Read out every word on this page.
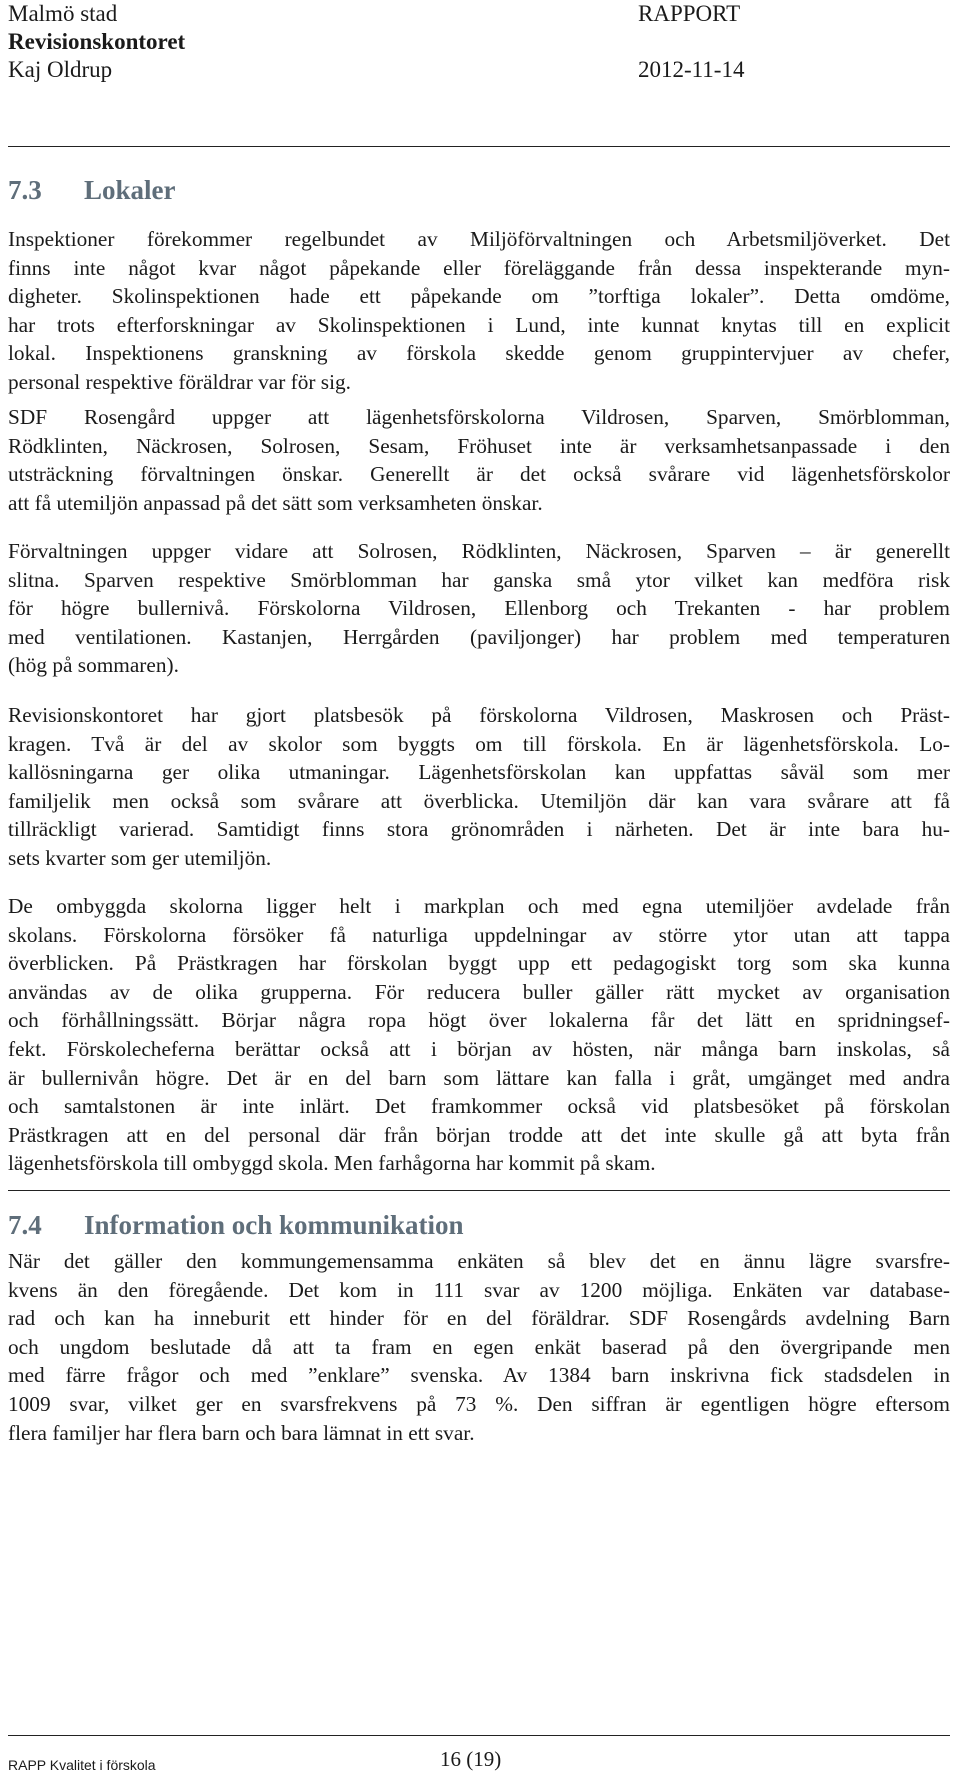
Malmö stad
Revisionskontoret
Kaj Oldrup
RAPPORT
2012-11-14
7.3 Lokaler
Inspektioner förekommer regelbundet av Miljöförvaltningen och Arbetsmiljöverket. Det
finns inte något kvar något påpekande eller föreläggande från dessa inspekterande myn-
digheter. Skolinspektionen hade ett påpekande om ”torftiga lokaler”. Detta omdöme,
har trots efterforskningar av Skolinspektionen i Lund, inte kunnat knytas till en explicit
lokal. Inspektionens granskning av förskola skedde genom gruppintervjuer av chefer,
personal respektive föräldrar var för sig.
SDF Rosengård uppger att lägenhetsförskolorna Vildrosen, Sparven, Smörblomman,
Rödklinten, Näckrosen, Solrosen, Sesam, Fröhuset inte är verksamhetsanpassade i den
utsträckning förvaltningen önskar. Generellt är det också svårare vid lägenhetsförskolor
att få utemiljön anpassad på det sätt som verksamheten önskar.
Förvaltningen uppger vidare att Solrosen, Rödklinten, Näckrosen, Sparven – är generellt
slitna. Sparven respektive Smörblomman har ganska små ytor vilket kan medföra risk
för högre bullernivå. Förskolorna Vildrosen, Ellenborg och Trekanten - har problem
med ventilationen. Kastanjen, Herrgården (paviljonger) har problem med temperaturen
(hög på sommaren).
Revisionskontoret har gjort platsbesök på förskolorna Vildrosen, Maskrosen och Präst-
kragen. Två är del av skolor som byggts om till förskola. En är lägenhetsförskola. Lo-
kallösningarna ger olika utmaningar. Lägenhetsförskolan kan uppfattas såväl som mer
familjelik men också som svårare att överblicka. Utemiljön där kan vara svårare att få
tillräckligt varierad. Samtidigt finns stora grönområden i närheten. Det är inte bara hu-
sets kvarter som ger utemiljön.
De ombyggda skolorna ligger helt i markplan och med egna utemiljöer avdelade från
skolans. Förskolorna försöker få naturliga uppdelningar av större ytor utan att tappa
överblicken. På Prästkragen har förskolan byggt upp ett pedagogiskt torg som ska kunna
användas av de olika grupperna. För reducera buller gäller rätt mycket av organisation
och förhållningssätt. Börjar några ropa högt över lokalerna får det lätt en spridningsef-
fekt. Förskolecheferna berättar också att i början av hösten, när många barn inskolas, så
är bullernivån högre. Det är en del barn som lättare kan falla i gråt, umgänget med andra
och samtalstonen är inte inlärt. Det framkommer också vid platsbesöket på förskolan
Prästkragen att en del personal där från början trodde att det inte skulle gå att byta från
lägenhetsförskola till ombyggd skola. Men farhågorna har kommit på skam.
7.4 Information och kommunikation
När det gäller den kommungemensamma enkäten så blev det en ännu lägre svarsfre-
kvens än den föregående. Det kom in 111 svar av 1200 möjliga. Enkäten var database-
rad och kan ha inneburit ett hinder för en del föräldrar. SDF Rosengårds avdelning Barn
och ungdom beslutade då att ta fram en egen enkät baserad på den övergripande men
med färre frågor och med ”enklare” svenska. Av 1384 barn inskrivna fick stadsdelen in
1009 svar, vilket ger en svarsfrekvens på 73 %. Den siffran är egentligen högre eftersom
flera familjer har flera barn och bara lämnat in ett svar.
RAPP Kvalitet i förskola	16 (19)
